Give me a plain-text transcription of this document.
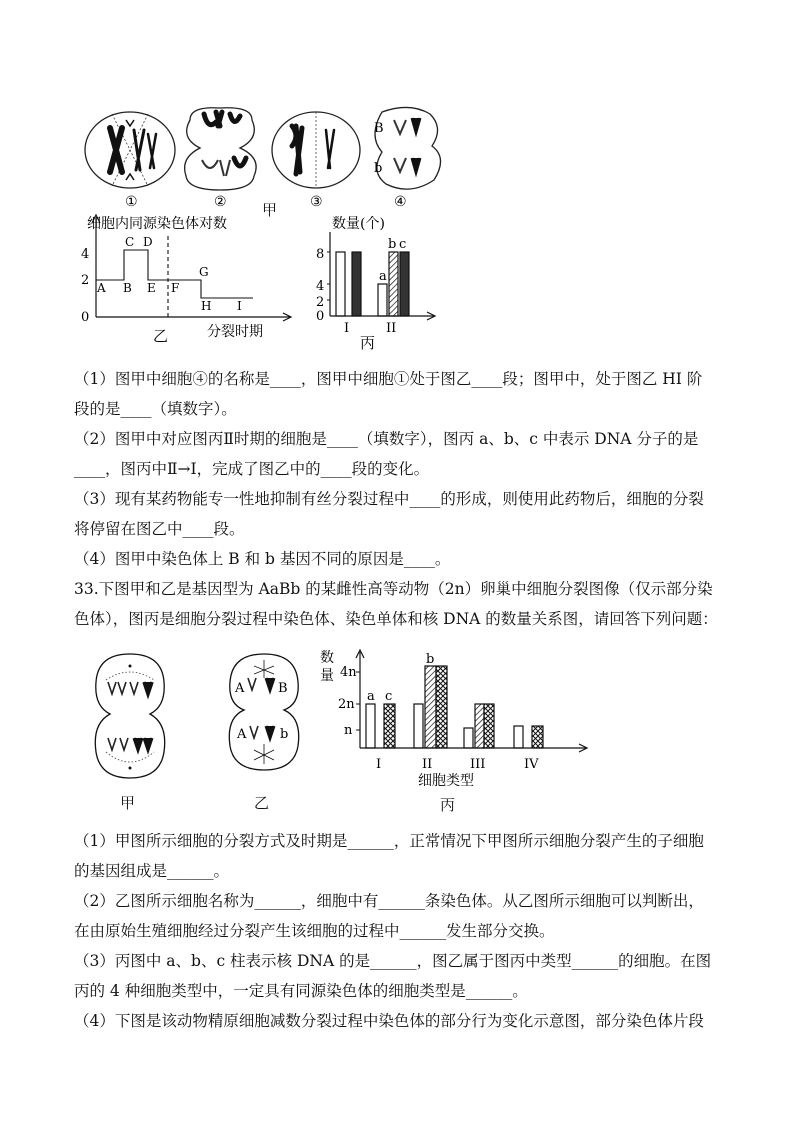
B
b
①	②	③	④
甲
细胞内同源染色体对数
4
2
0
A B
C D
E F
G
H I
分裂时期
乙
数量(个)
8
4
2
0
a
b c
I	II
丙
（1）图甲中细胞④的名称是____，图甲中细胞①处于图乙____段；图甲中，处于图乙 HI 阶
段的是____（填数字）。
（2）图甲中对应图丙Ⅱ时期的细胞是____（填数字），图丙 a、b、c 中表示 DNA 分子的是
____，图丙中Ⅱ→I，完成了图乙中的____段的变化。
（3）现有某药物能专一性地抑制有丝分裂过程中____的形成，则使用此药物后，细胞的分裂
将停留在图乙中____段。
（4）图甲中染色体上 B 和 b 基因不同的原因是____。
33.下图甲和乙是基因型为 AaBb 的某雌性高等动物（2n）卵巢中细胞分裂图像（仅示部分染
色体），图丙是细胞分裂过程中染色体、染色单体和核 DNA 的数量关系图，请回答下列问题：
甲
A	B
A	b
乙
数
量 4n
2n
n
a c
b
I	II	III	IV
细胞类型
丙
（1）甲图所示细胞的分裂方式及时期是______，正常情况下甲图所示细胞分裂产生的子细胞
的基因组成是______。
（2）乙图所示细胞名称为______，细胞中有______条染色体。从乙图所示细胞可以判断出，
在由原始生殖细胞经过分裂产生该细胞的过程中______发生部分交换。
（3）丙图中 a、b、c 柱表示核 DNA 的是______，图乙属于图丙中类型______的细胞。在图
丙的 4 种细胞类型中，一定具有同源染色体的细胞类型是______。
（4）下图是该动物精原细胞减数分裂过程中染色体的部分行为变化示意图，部分染色体片段
